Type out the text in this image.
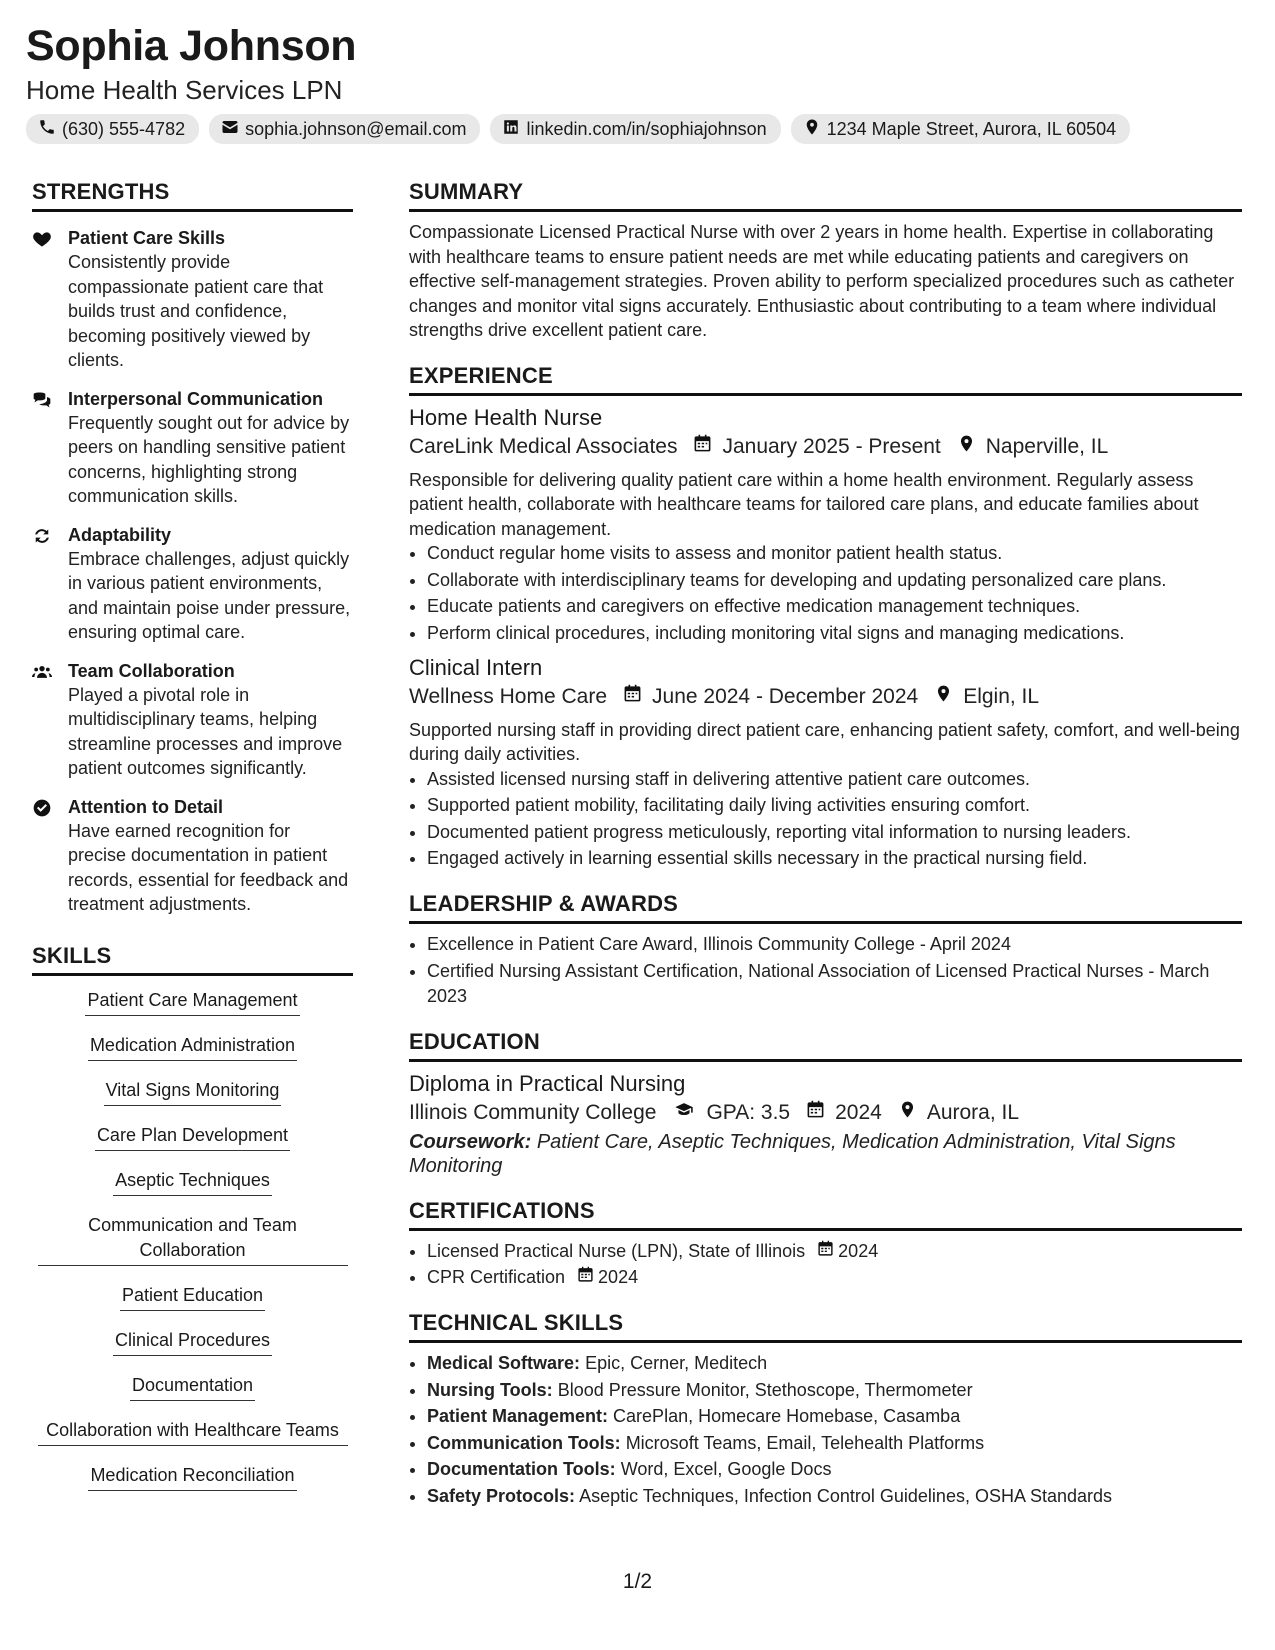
Sophia Johnson
Home Health Services LPN
(630) 555-4782	sophia.johnson@email.com	linkedin.com/in/sophiajohnson	1234 Maple Street, Aurora, IL 60504
STRENGTHS
Patient Care Skills
Consistently provide compassionate patient care that builds trust and confidence, becoming positively viewed by clients.
Interpersonal Communication
Frequently sought out for advice by peers on handling sensitive patient concerns, highlighting strong communication skills.
Adaptability
Embrace challenges, adjust quickly in various patient environments, and maintain poise under pressure, ensuring optimal care.
Team Collaboration
Played a pivotal role in multidisciplinary teams, helping streamline processes and improve patient outcomes significantly.
Attention to Detail
Have earned recognition for precise documentation in patient records, essential for feedback and treatment adjustments.
SKILLS
Patient Care Management
Medication Administration
Vital Signs Monitoring
Care Plan Development
Aseptic Techniques
Communication and Team Collaboration
Patient Education
Clinical Procedures
Documentation
Collaboration with Healthcare Teams
Medication Reconciliation
SUMMARY

Compassionate Licensed Practical Nurse with over 2 years in home health. Expertise in collaborating with healthcare teams to ensure patient needs are met while educating patients and caregivers on effective self-management strategies. Proven ability to perform specialized procedures such as catheter changes and monitor vital signs accurately. Enthusiastic about contributing to a team where individual strengths drive excellent patient care.

EXPERIENCE
Home Health Nurse
CareLink Medical Associates January 2025 - Present Naperville, IL

Responsible for delivering quality patient care within a home health environment. Regularly assess patient health, collaborate with healthcare teams for tailored care plans, and educate families about medication management.

• Conduct regular home visits to assess and monitor patient health status.
• Collaborate with interdisciplinary teams for developing and updating personalized care plans.
• Educate patients and caregivers on effective medication management techniques.
• Perform clinical procedures, including monitoring vital signs and managing medications.
Clinical Intern
Wellness Home Care June 2024 - December 2024 Elgin, IL

Supported nursing staff in providing direct patient care, enhancing patient safety, comfort, and well-being during daily activities.

• Assisted licensed nursing staff in delivering attentive patient care outcomes.
• Supported patient mobility, facilitating daily living activities ensuring comfort.
• Documented patient progress meticulously, reporting vital information to nursing leaders.
• Engaged actively in learning essential skills necessary in the practical nursing field.
LEADERSHIP & AWARDS
• Excellence in Patient Care Award, Illinois Community College - April 2024
• Certified Nursing Assistant Certification, National Association of Licensed Practical Nurses - March 2023
EDUCATION
Diploma in Practical Nursing
Illinois Community College GPA: 3.5 2024 Aurora, IL
Coursework: Patient Care, Aseptic Techniques, Medication Administration, Vital Signs Monitoring
CERTIFICATIONS
• Licensed Practical Nurse (LPN), State of Illinois 2024
• CPR Certification 2024
TECHNICAL SKILLS
• Medical Software: Epic, Cerner, Meditech
• Nursing Tools: Blood Pressure Monitor, Stethoscope, Thermometer
• Patient Management: CarePlan, Homecare Homebase, Casamba
• Communication Tools: Microsoft Teams, Email, Telehealth Platforms
• Documentation Tools: Word, Excel, Google Docs
• Safety Protocols: Aseptic Techniques, Infection Control Guidelines, OSHA Standards
1/2
